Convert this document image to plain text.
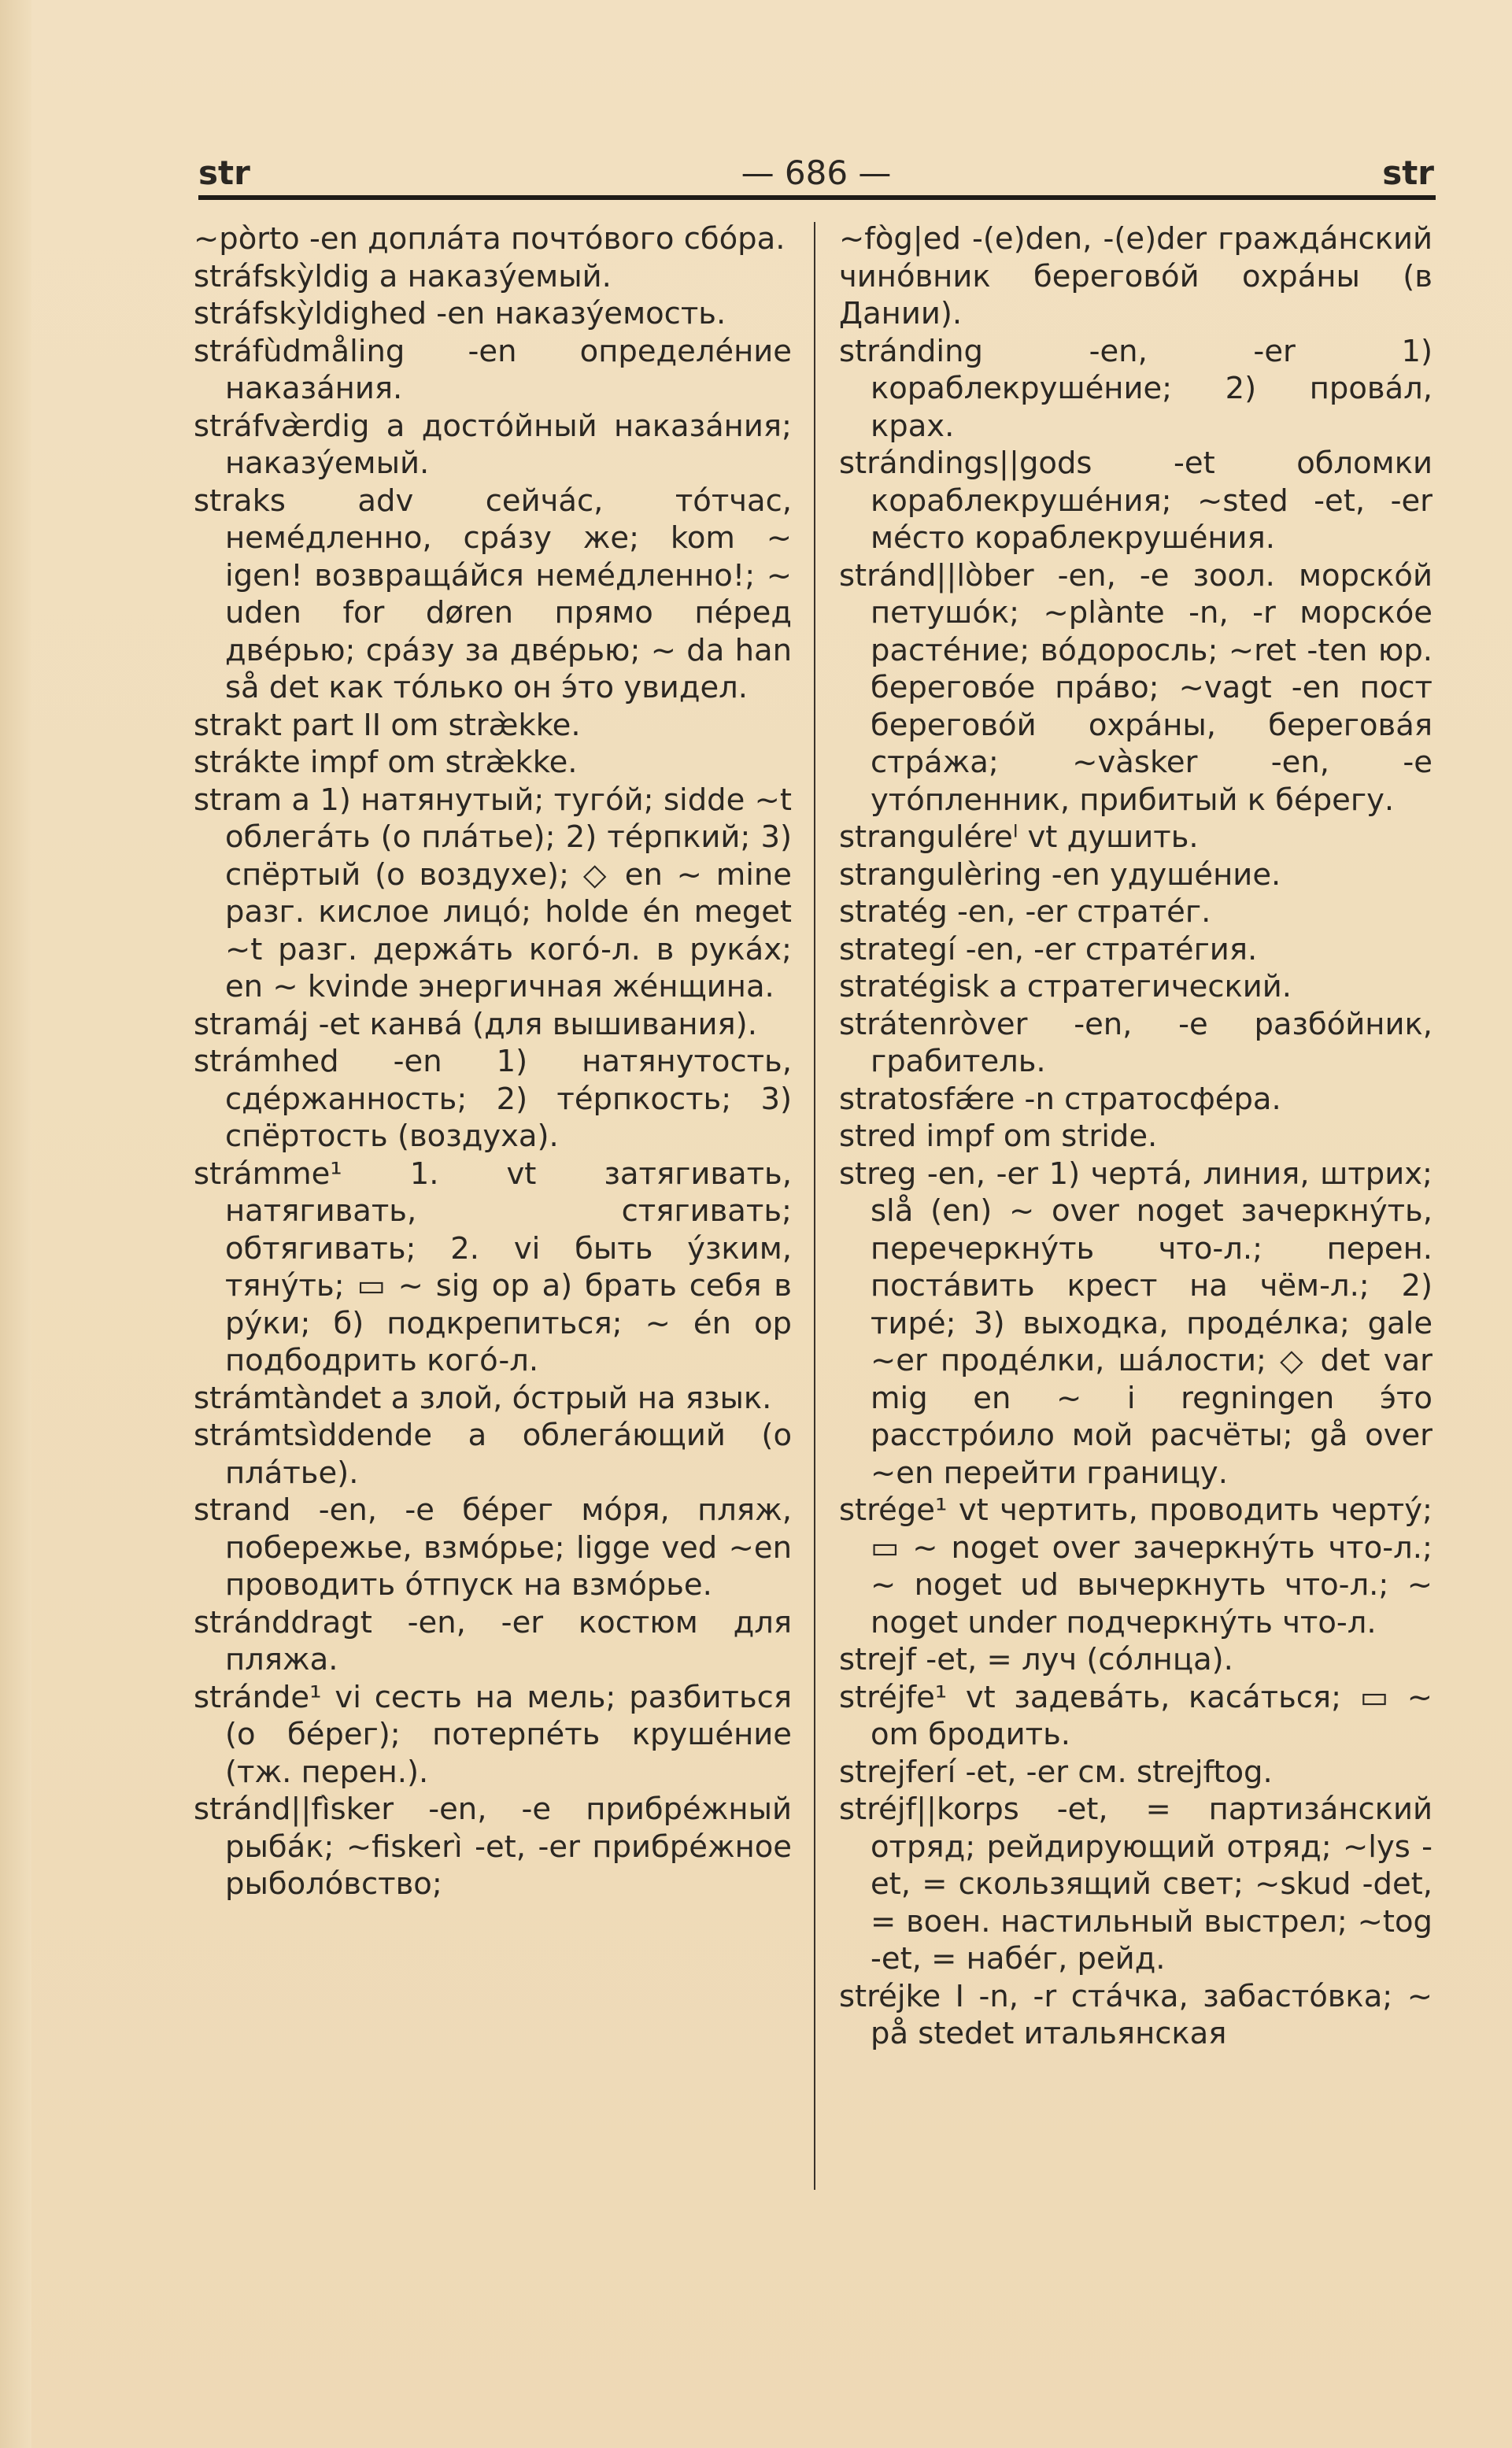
str	— 686 —	str

~pòrto -en доплáта почтóвого сбóра.

stráfskỳldig a наказýемый.

stráfskỳldighed -en наказýемость.

stráfùdmåling -en определéние наказáния.

stráfvæ̀rdig a достóйный наказáния; наказýемый.

straks adv сейчáс, тóтчас, немéдленно, срáзу же; kom ~ igen! возвращáйся немéдленно!; ~ uden for døren прямо пéред двéрью; срáзу за двéрью; ~ da han så det как тóлько он э́то увидел.

strakt part II om stræ̀kke.

strákte impf om stræ̀kke.

stram a 1) натянутый; тугóй; sidde ~t облегáть (о плáтье); 2) тéрпкий; 3) спёртый (о воздухе); ◇ en ~ mine разг. кислое лицó; holde én meget ~t разг. держáть когó-л. в рукáх; en ~ kvinde энергичная жéнщина.

stramáj -et канвá (для вышивания).

strámhed -en 1) натянутость, сдéржанность; 2) тéрпкость; 3) спёртость (воздуха).

strámme¹ 1. vt затягивать, натягивать, стягивать; обтягивать; 2. vi быть ýзким, тянýть; ▭ ~ sig op а) брать себя в рýки; б) подкрепиться; ~ én op подбодрить когó-л.

strámtàndet a злой, óстрый на язык.

strámtsìddende a облегáющий (о плáтье).

strand -en, -e бéрег мóря, пляж, побережье, взмóрье; ligge ved ~en проводить óтпуск на взмóрье.

stránddragt -en, -er костюм для пляжа.

stránde¹ vi сесть на мель; разбиться (о бéрег); потерпéть крушéние (тж. перен.).

stránd||fìsker -en, -e прибрéжный рыбáк; ~fiskerì -et, -er прибрéжное рыболóвство;

~fòg|ed -(e)den, -(e)der граждáнский чинóвник береговóй охрáны (в Дании).

stránding -en, -er 1) кораблекрушéние; 2) провáл, крах.

strándings||gods -et обломки кораблекрушéния; ~sted -et, -er мéсто кораблекрушéния.

stránd||lòber -en, -e зоол. морскóй петушóк; ~plànte -n, -r морскóе растéние; вóдоросль; ~ret -ten юр. береговóе прáво; ~vagt -en пост береговóй охрáны, береговáя стрáжа; ~vàsker -en, -e утóпленник, прибитый к бéрегу.

stranguléreˡ vt душить.

strangulèring -en удушéние.

stratég -en, -er стратéг.

strategí -en, -er стратéгия.

stratégisk a стратегический.

strátenrὸver -en, -e разбóйник, грабитель.

stratosfǽre -n стратосфéра.

stred impf om stride.

streg -en, -er 1) чертá, линия, штрих; slå (en) ~ over noget зачеркнýть, перечеркнýть что-л.; перен. постáвить крест на чём-л.; 2) тирé; 3) выходка, продéлка; gale ~er продéлки, шáлости; ◇ det var mig en ~ i regningen э́то расстрóило мой расчёты; gå over ~en перейти границу.

strége¹ vt чертить, проводить чертý; ▭ ~ noget over зачеркнýть что-л.; ~ noget ud вычеркнуть что-л.; ~ noget under подчеркнýть что-л.

strejf -et, = луч (сóлнца).

stréjfe¹ vt задевáть, касáться; ▭ ~ om бродить.

strejferí -et, -er см. strejftog.

stréjf||korps -et, = партизáнский отряд; рейдирующий отряд; ~lys -et, = скользящий свет; ~skud -det, = воен. настильный выстрел; ~tog -et, = набéг, рейд.

stréjke I -n, -r стáчка, забастóвка; ~ på stedet итальянская
